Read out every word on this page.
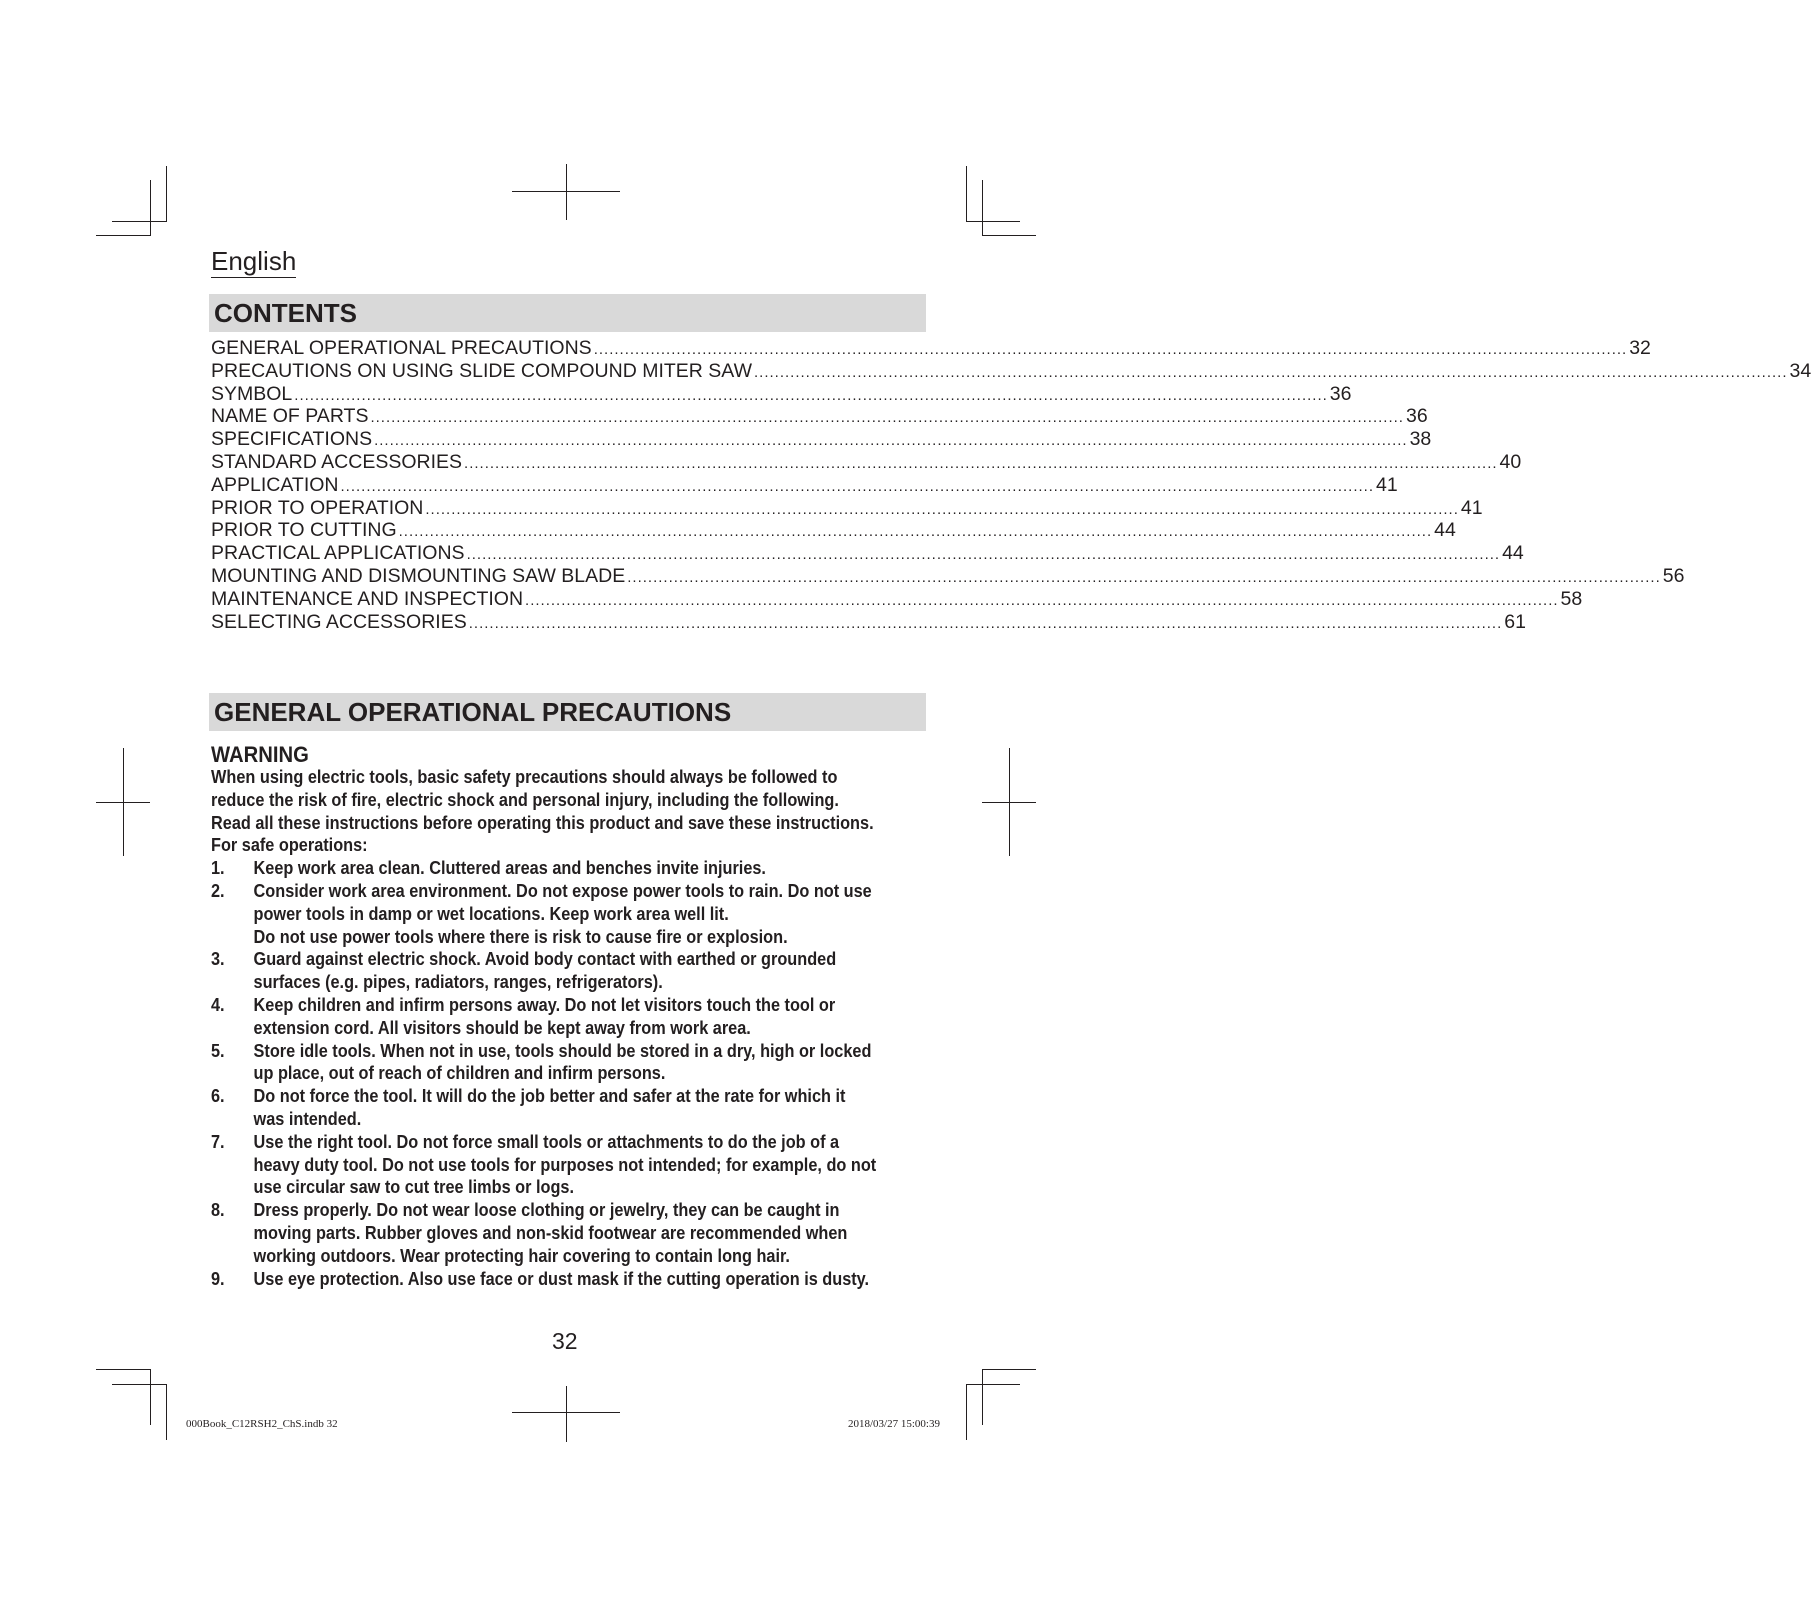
English
CONTENTS
GENERAL OPERATIONAL PRECAUTIONS ........................................................................................................................................................................................................ 32
PRECAUTIONS ON USING SLIDE COMPOUND MITER SAW ........................................................................................................................................................................................................ 34
SYMBOL ........................................................................................................................................................................................................ 36
NAME OF PARTS ........................................................................................................................................................................................................ 36
SPECIFICATIONS ........................................................................................................................................................................................................ 38
STANDARD ACCESSORIES ........................................................................................................................................................................................................ 40
APPLICATION ........................................................................................................................................................................................................ 41
PRIOR TO OPERATION ........................................................................................................................................................................................................ 41
PRIOR TO CUTTING ........................................................................................................................................................................................................ 44
PRACTICAL APPLICATIONS ........................................................................................................................................................................................................ 44
MOUNTING AND DISMOUNTING SAW BLADE ........................................................................................................................................................................................................ 56
MAINTENANCE AND INSPECTION ........................................................................................................................................................................................................ 58
SELECTING ACCESSORIES ........................................................................................................................................................................................................ 61
GENERAL OPERATIONAL PRECAUTIONS
WARNING

When using electric tools, basic safety precautions should always be followed to reduce the risk of fire, electric shock and personal injury, including the following.

Read all these instructions before operating this product and save these instructions.

For safe operations:

1. Keep work area clean. Cluttered areas and benches invite injuries.

2. Consider work area environment. Do not expose power tools to rain. Do not use power tools in damp or wet locations. Keep work area well lit.

Do not use power tools where there is risk to cause fire or explosion.

3. Guard against electric shock. Avoid body contact with earthed or grounded surfaces (e.g. pipes, radiators, ranges, refrigerators).

4. Keep children and infirm persons away. Do not let visitors touch the tool or extension cord. All visitors should be kept away from work area.

5. Store idle tools. When not in use, tools should be stored in a dry, high or locked up place, out of reach of children and infirm persons.

6. Do not force the tool. It will do the job better and safer at the rate for which it was intended.

7. Use the right tool. Do not force small tools or attachments to do the job of a heavy duty tool. Do not use tools for purposes not intended; for example, do not use circular saw to cut tree limbs or logs.

8. Dress properly. Do not wear loose clothing or jewelry, they can be caught in moving parts. Rubber gloves and non-skid footwear are recommended when working outdoors. Wear protecting hair covering to contain long hair.

9. Use eye protection. Also use face or dust mask if the cutting operation is dusty.

32
000Book_C12RSH2_ChS.indb 32	2018/03/27 15:00:39
